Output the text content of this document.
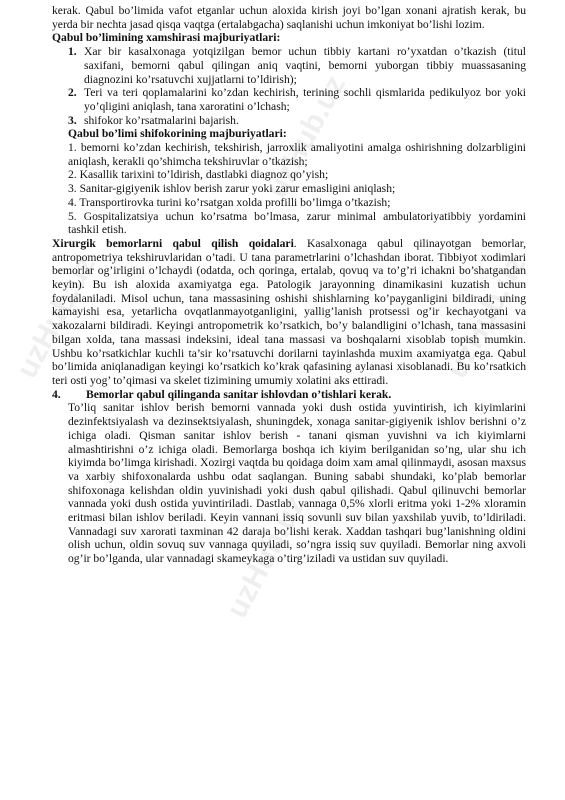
uzHub.uz
uzHub.uz
uzHub.uz
uzHub.uz

kerak. Qabul bo’limida vafot etganlar uchun aloxida kirish joyi bo’lgan xonani ajratish kerak, bu yerda bir nechta jasad qisqa vaqtga (ertalabgacha) saqlanishi uchun imkoniyat bo’lishi lozim.

Qabul bo’limining xamshirasi majburiyatlari:

1. Xar bir kasalxonaga yotqizilgan bemor uchun tibbiy kartani ro’yxatdan o’tkazish (titul saxifani, bemorni qabul qilingan aniq vaqtini, bemorni yuborgan tibbiy muassasaning diagnozini ko’rsatuvchi xujjatlarni to’ldirish);
2. Teri va teri qoplamalarini ko’zdan kechirish, terining sochli qismlarida pedikulyoz bor yoki yo’qligini aniqlash, tana xaroratini o’lchash;
3. shifokor ko’rsatmalarini bajarish.

Qabul bo’limi shifokorining majburiyatlari:

1. bemorni ko’zdan kechirish, tekshirish, jarroxlik amaliyotini amalga oshirishning dolzarbligini aniqlash, kerakli qo’shimcha tekshiruvlar o’tkazish;

2. Kasallik tarixini to’ldirish, dastlabki diagnoz qo’yish;

3. Sanitar-gigiyenik ishlov berish zarur yoki zarur emasligini aniqlash;

4. Transportirovka turini ko’rsatgan xolda profilli bo’limga o’tkazish;

5. Gospitalizatsiya uchun ko’rsatma bo’lmasa, zarur minimal ambulatoriyatibbiy yordamini tashkil etish.

Xirurgik bemorlarni qabul qilish qoidalari. Kasalxonaga qabul qilinayotgan bemorlar, antropometriya tekshiruvlaridan o’tadi. U tana parametrlarini o’lchashdan iborat. Tibbiyot xodimlari bemorlar og’irligini o’lchaydi (odatda, och qoringa, ertalab, qovuq va to’g’ri ichakni bo’shatgandan keyin). Bu ish aloxida axamiyatga ega. Patologik jarayonning dinamikasini kuzatish uchun foydalaniladi. Misol uchun, tana massasining oshishi shishlarning ko’payganligini bildiradi, uning kamayishi esa, yetarlicha ovqatlanmayotganligini, yallig’lanish protsessi og’ir kechayotgani va xakozalarni bildiradi. Keyingi antropometrik ko’rsatkich, bo’y balandligini o’lchash, tana massasini bilgan xolda, tana massasi indeksini, ideal tana massasi va boshqalarni xisoblab topish mumkin. Ushbu ko’rsatkichlar kuchli ta’sir ko’rsatuvchi dorilarni tayinlashda muxim axamiyatga ega. Qabul bo’limida aniqlanadigan keyingi ko’rsatkich ko’krak qafasining aylanasi xisoblanadi. Bu ko’rsatkich teri osti yog’ to’qimasi va skelet tizimining umumiy xolatini aks ettiradi.

4. Bemorlar qabul qilinganda sanitar ishlovdan o’tishlari kerak.

To’liq sanitar ishlov berish bemorni vannada yoki dush ostida yuvintirish, ich kiyimlarini dezinfektsiyalash va dezinsektsiyalash, shuningdek, xonaga sanitar-gigiyenik ishlov berishni o’z ichiga oladi. Qisman sanitar ishlov berish - tanani qisman yuvishni va ich kiyimlarni almashtirishni o’z ichiga oladi. Bemorlarga boshqa ich kiyim berilganidan so’ng, ular shu ich kiyimda bo’limga kirishadi. Xozirgi vaqtda bu qoidaga doim xam amal qilinmaydi, asosan maxsus va xarbiy shifoxonalarda ushbu odat saqlangan. Buning sababi shundaki, ko’plab bemorlar shifoxonaga kelishdan oldin yuvinishadi yoki dush qabul qilishadi. Qabul qilinuvchi bemorlar vannada yoki dush ostida yuvintiriladi. Dastlab, vannaga 0,5% xlorli eritma yoki 1-2% xloramin eritmasi bilan ishlov beriladi. Keyin vannani issiq sovunli suv bilan yaxshilab yuvib, to’ldiriladi. Vannadagi suv xarorati taxminan 42 daraja bo’lishi kerak. Xaddan tashqari bug’lanishning oldini olish uchun, oldin sovuq suv vannaga quyiladi, so’ngra issiq suv quyiladi. Bemorlar ning axvoli og’ir bo’lganda, ular vannadagi skameykaga o’tirg’iziladi va ustidan suv quyiladi.
